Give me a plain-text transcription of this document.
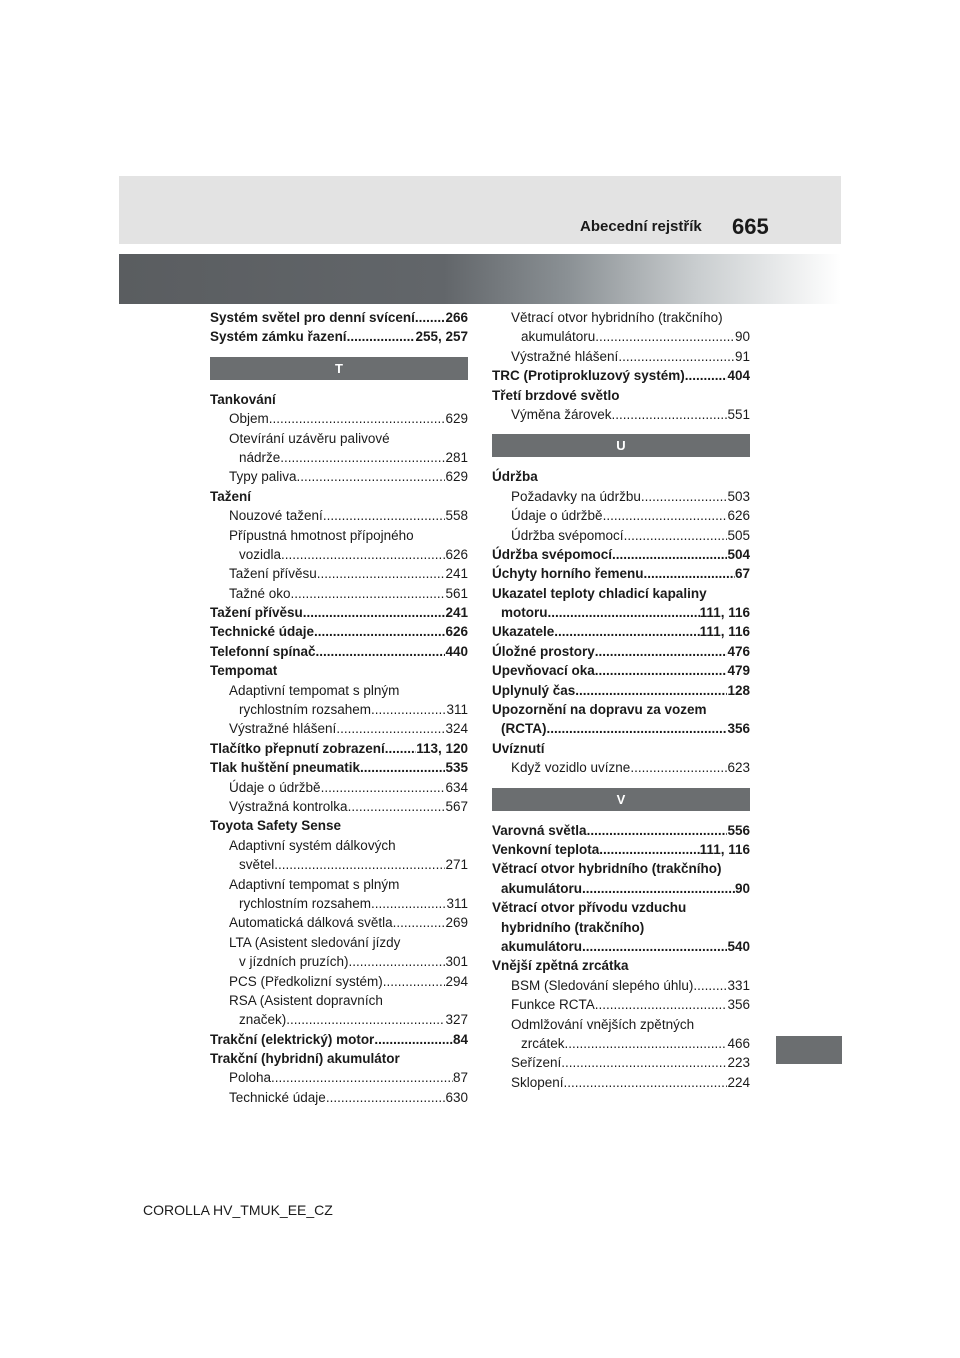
Abecední rejstřík 665
Systém světel pro denní svícení ..... 266
Systém zámku řazení .....	255, 257
T
Tankování
Objem .....	629
Otevírání uzávěru palivové
nádrže .....	281
Typy paliva .....	629
Tažení
Nouzové tažení .....	558
Přípustná hmotnost přípojného
vozidla .....	626
Tažení přívěsu .....	241
Tažné oko .....	561
Tažení přívěsu .....	241
Technické údaje .....	626
Telefonní spínač .....	440
Tempomat
Adaptivní tempomat s plným
rychlostním rozsahem .....	311
Výstražné hlášení .....	324
Tlačítko přepnutí zobrazení ..... 113, 120
Tlak huštění pneumatik .....	535
Údaje o údržbě .....	634
Výstražná kontrolka .....	567
Toyota Safety Sense
Adaptivní systém dálkových
světel .....	271
Adaptivní tempomat s plným
rychlostním rozsahem .....	311
Automatická dálková světla .....	269
LTA (Asistent sledování jízdy
v jízdních pruzích) .....	301
PCS (Předkolizní systém) .....	294
RSA (Asistent dopravních
značek) .....	327
Trakční (elektrický) motor .....	84
Trakční (hybridní) akumulátor
Poloha .....	87
Technické údaje .....	630
Větrací otvor hybridního (trakčního)
akumulátoru .....	90
Výstražné hlášení .....	91
TRC (Protiprokluzový systém) .....	404
Třetí brzdové světlo
Výměna žárovek .....	551
U
Údržba
Požadavky na údržbu .....	503
Údaje o údržbě .....	626
Údržba svépomocí .....	505
Údržba svépomocí .....	504
Úchyty horního řemenu .....	67
Ukazatel teploty chladicí kapaliny
motoru .....	111, 116
Ukazatele .....	111, 116
Úložné prostory .....	476
Upevňovací oka .....	479
Uplynulý čas .....	128
Upozornění na dopravu za vozem
(RCTA) .....	356
Uvíznutí
Když vozidlo uvízne .....	623
V
Varovná světla .....	556
Venkovní teplota .....	111, 116
Větrací otvor hybridního (trakčního)
akumulátoru .....	90
Větrací otvor přívodu vzduchu
hybridního (trakčního)
akumulátoru .....	540
Vnější zpětná zrcátka
BSM (Sledování slepého úhlu) .....	331
Funkce RCTA .....	356
Odmlžování vnějších zpětných
zrcátek .....	466
Seřízení .....	223
Sklopení .....	224
COROLLA HV_TMUK_EE_CZ
